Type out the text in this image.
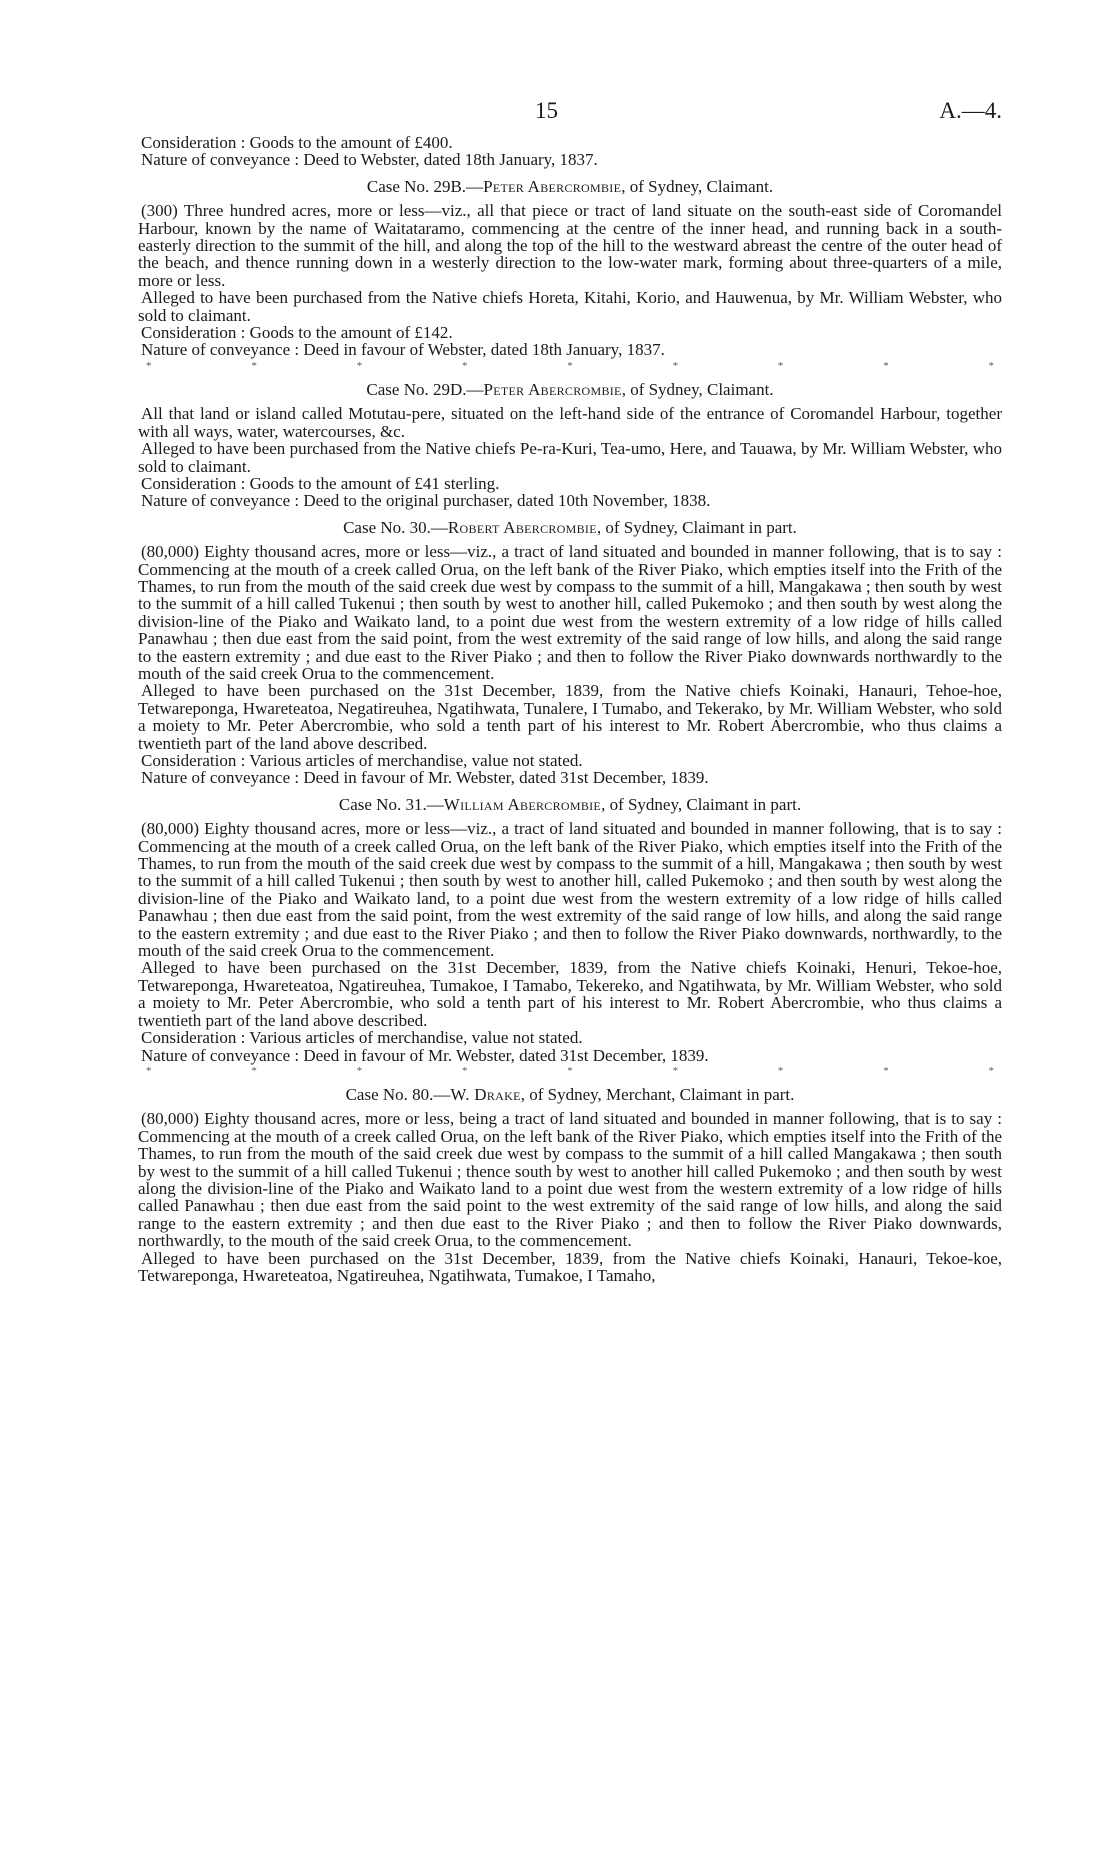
15	A.—4.

Consideration : Goods to the amount of £400.

Nature of conveyance : Deed to Webster, dated 18th January, 1837.

Case No. 29B.—Peter Abercrombie, of Sydney, Claimant.

(300) Three hundred acres, more or less—viz., all that piece or tract of land situate on the south-east side of Coromandel Harbour, known by the name of Waitataramo, commencing at the centre of the inner head, and running back in a south-easterly direction to the summit of the hill, and along the top of the hill to the westward abreast the centre of the outer head of the beach, and thence running down in a westerly direction to the low-water mark, forming about three-quarters of a mile, more or less.

Alleged to have been purchased from the Native chiefs Horeta, Kitahi, Korio, and Hauwenua, by Mr. William Webster, who sold to claimant.

Consideration : Goods to the amount of £142.

Nature of conveyance : Deed in favour of Webster, dated 18th January, 1837.

*	*	*	*	*	*	*	*	*

Case No. 29D.—Peter Abercrombie, of Sydney, Claimant.

All that land or island called Motutau-pere, situated on the left-hand side of the entrance of Coromandel Harbour, together with all ways, water, watercourses, &c.

Alleged to have been purchased from the Native chiefs Pe-ra-Kuri, Tea-umo, Here, and Tauawa, by Mr. William Webster, who sold to claimant.

Consideration : Goods to the amount of £41 sterling.

Nature of conveyance : Deed to the original purchaser, dated 10th November, 1838.

Case No. 30.—Robert Abercrombie, of Sydney, Claimant in part.

(80,000) Eighty thousand acres, more or less—viz., a tract of land situated and bounded in manner following, that is to say : Commencing at the mouth of a creek called Orua, on the left bank of the River Piako, which empties itself into the Frith of the Thames, to run from the mouth of the said creek due west by compass to the summit of a hill, Mangakawa ; then south by west to the summit of a hill called Tukenui ; then south by west to another hill, called Pukemoko ; and then south by west along the division-line of the Piako and Waikato land, to a point due west from the western extremity of a low ridge of hills called Panawhau ; then due east from the said point, from the west extremity of the said range of low hills, and along the said range to the eastern extremity ; and due east to the River Piako ; and then to follow the River Piako downwards northwardly to the mouth of the said creek Orua to the commencement.

Alleged to have been purchased on the 31st December, 1839, from the Native chiefs Koinaki, Hanauri, Tehoe-hoe, Tetwareponga, Hwareteatoa, Negatireuhea, Ngatihwata, Tunalere, I Tumabo, and Tekerako, by Mr. William Webster, who sold a moiety to Mr. Peter Abercrombie, who sold a tenth part of his interest to Mr. Robert Abercrombie, who thus claims a twentieth part of the land above described.

Consideration : Various articles of merchandise, value not stated.

Nature of conveyance : Deed in favour of Mr. Webster, dated 31st December, 1839.

Case No. 31.—William Abercrombie, of Sydney, Claimant in part.

(80,000) Eighty thousand acres, more or less—viz., a tract of land situated and bounded in manner following, that is to say : Commencing at the mouth of a creek called Orua, on the left bank of the River Piako, which empties itself into the Frith of the Thames, to run from the mouth of the said creek due west by compass to the summit of a hill, Mangakawa ; then south by west to the summit of a hill called Tukenui ; then south by west to another hill, called Pukemoko ; and then south by west along the division-line of the Piako and Waikato land, to a point due west from the western extremity of a low ridge of hills called Panawhau ; then due east from the said point, from the west extremity of the said range of low hills, and along the said range to the eastern extremity ; and due east to the River Piako ; and then to follow the River Piako downwards, northwardly, to the mouth of the said creek Orua to the commencement.

Alleged to have been purchased on the 31st December, 1839, from the Native chiefs Koinaki, Henuri, Tekoe-hoe, Tetwareponga, Hwareteatoa, Ngatireuhea, Tumakoe, I Tamabo, Tekereko, and Ngatihwata, by Mr. William Webster, who sold a moiety to Mr. Peter Abercrombie, who sold a tenth part of his interest to Mr. Robert Abercrombie, who thus claims a twentieth part of the land above described.

Consideration : Various articles of merchandise, value not stated.

Nature of conveyance : Deed in favour of Mr. Webster, dated 31st December, 1839.

*	*	*	*	*	*	*	*	*

Case No. 80.—W. Drake, of Sydney, Merchant, Claimant in part.

(80,000) Eighty thousand acres, more or less, being a tract of land situated and bounded in manner following, that is to say : Commencing at the mouth of a creek called Orua, on the left bank of the River Piako, which empties itself into the Frith of the Thames, to run from the mouth of the said creek due west by compass to the summit of a hill called Mangakawa ; then south by west to the summit of a hill called Tukenui ; thence south by west to another hill called Pukemoko ; and then south by west along the division-line of the Piako and Waikato land to a point due west from the western extremity of a low ridge of hills called Panawhau ; then due east from the said point to the west extremity of the said range of low hills, and along the said range to the eastern extremity ; and then due east to the River Piako ; and then to follow the River Piako downwards, northwardly, to the mouth of the said creek Orua, to the commencement.

Alleged to have been purchased on the 31st December, 1839, from the Native chiefs Koinaki, Hanauri, Tekoe-koe, Tetwareponga, Hwareteatoa, Ngatireuhea, Ngatihwata, Tumakoe, I Tamaho,
